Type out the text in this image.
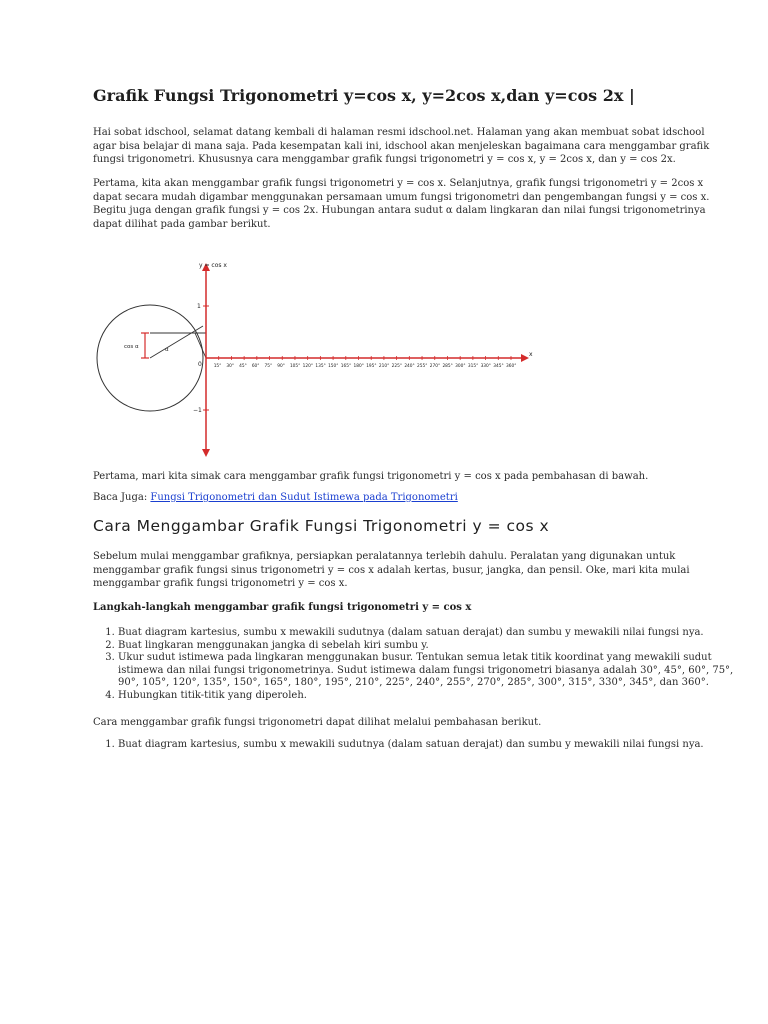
Grafik Fungsi Trigonometri y=cos x, y=2cos x,dan y=cos 2x |

Hai sobat idschool, selamat datang kembali di halaman resmi idschool.net. Halaman yang akan membuat sobat idschool agar bisa belajar di mana saja. Pada kesempatan kali ini, idschool akan menjeleskan bagaimana cara menggambar grafik fungsi trigonometri. Khususnya cara menggambar grafik fungsi trigonometri y = cos x, y = 2cos x, dan y = cos 2x.

Pertama, kita akan menggambar grafik fungsi trigonometri y = cos x. Selanjutnya, grafik fungsi trigonometri y = 2cos x dapat secara mudah digambar menggunakan persamaan umum fungsi trigonometri dan pengembangan fungsi y = cos x. Begitu juga dengan grafik fungsi y = cos 2x. Hubungan antara sudut α dalam lingkaran dan nilai fungsi trigonometrinya dapat dilihat pada gambar berikut.

cos α	α
y = cos x
1
0
−1
x
15° 30° 45° 60° 75° 90° 105° 120° 135° 150° 165° 180° 195° 210° 225° 240° 255° 270° 285° 300° 315° 330° 345° 360°

Pertama, mari kita simak cara menggambar grafik fungsi trigonometri y = cos x pada pembahasan di bawah.

Baca Juga: Fungsi Trigonometri dan Sudut Istimewa pada Trigonometri

Cara Menggambar Grafik Fungsi Trigonometri y = cos x

Sebelum mulai menggambar grafiknya, persiapkan peralatannya terlebih dahulu. Peralatan yang digunakan untuk menggambar grafik fungsi sinus trigonometri y = cos x adalah kertas, busur, jangka, dan pensil. Oke, mari kita mulai menggambar grafik fungsi trigonometri y = cos x.

Langkah-langkah menggambar grafik fungsi trigonometri y = cos x

1. Buat diagram kartesius, sumbu x mewakili sudutnya (dalam satuan derajat) dan sumbu y mewakili nilai fungsi nya.
2. Buat lingkaran menggunakan jangka di sebelah kiri sumbu y.
3. Ukur sudut istimewa pada lingkaran menggunakan busur. Tentukan semua letak titik koordinat yang mewakili sudut istimewa dan nilai fungsi trigonometrinya. Sudut istimewa dalam fungsi trigonometri biasanya adalah 30°, 45°, 60°, 75°, 90°, 105°, 120°, 135°, 150°, 165°, 180°, 195°, 210°, 225°, 240°, 255°, 270°, 285°, 300°, 315°, 330°, 345°, dan 360°.
4. Hubungkan titik-titik yang diperoleh.

Cara menggambar grafik fungsi trigonometri dapat dilihat melalui pembahasan berikut.

1. Buat diagram kartesius, sumbu x mewakili sudutnya (dalam satuan derajat) dan sumbu y mewakili nilai fungsi nya.
